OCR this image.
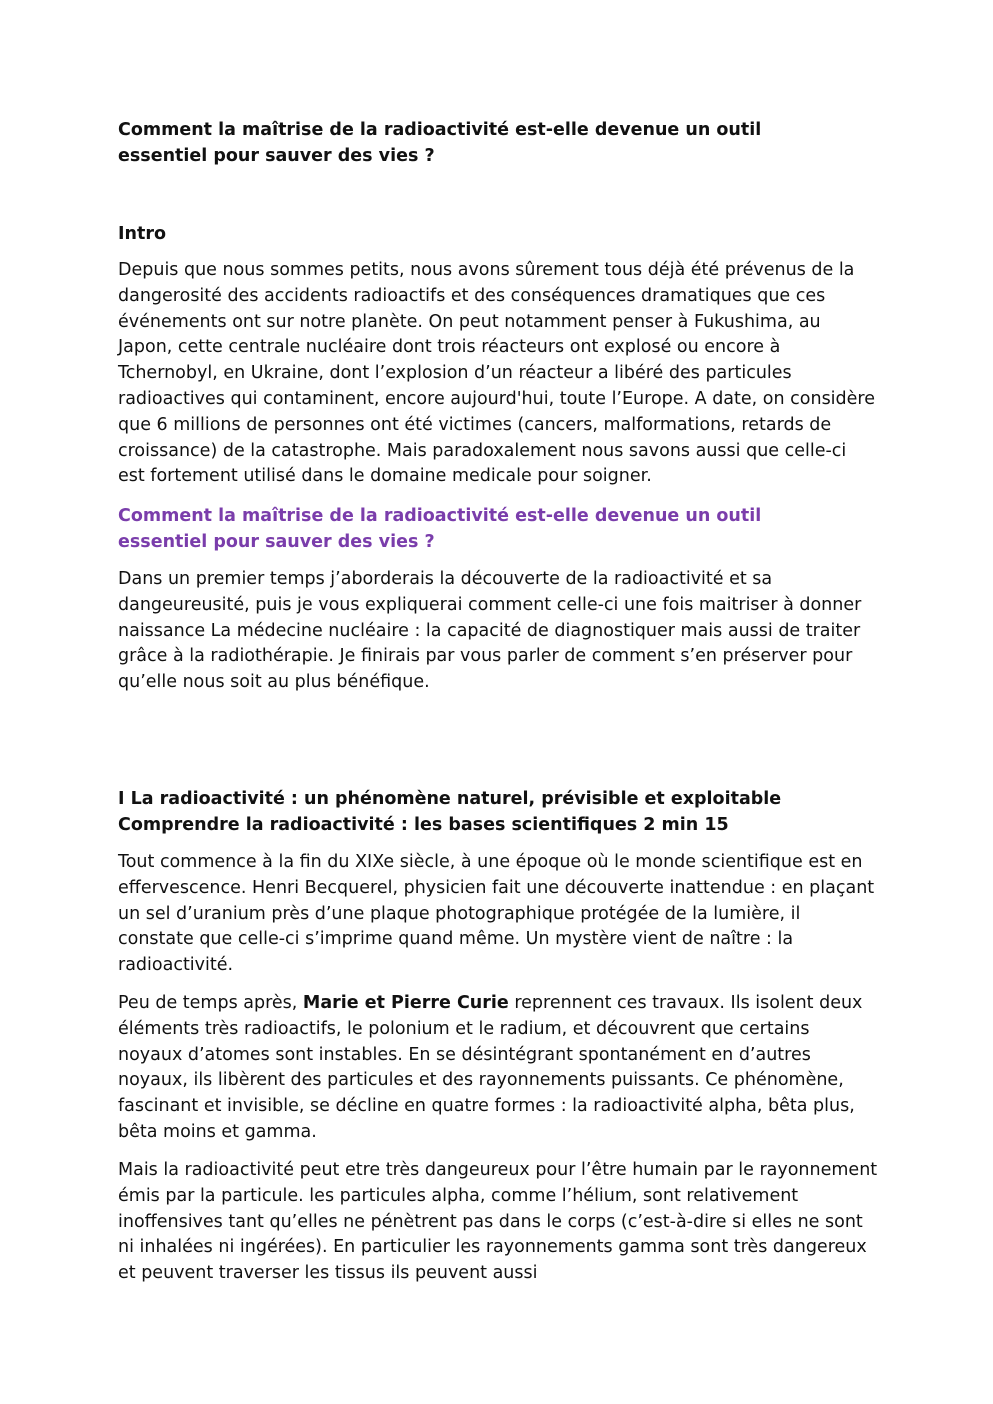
Comment la maîtrise de la radioactivité est-elle devenue un outil
essentiel pour sauver des vies ?
Intro

Depuis que nous sommes petits, nous avons sûrement tous déjà été prévenus de la dangerosité des accidents radioactifs et des conséquences dramatiques que ces événements ont sur notre planète. On peut notamment penser à Fukushima, au Japon, cette centrale nucléaire dont trois réacteurs ont explosé ou encore à Tchernobyl, en Ukraine, dont l’explosion d’un réacteur a libéré des particules radioactives qui contaminent, encore aujourd'hui, toute l’Europe. A date, on considère que 6 millions de personnes ont été victimes (cancers, malformations, retards de croissance) de la catastrophe. Mais paradoxalement nous savons aussi que celle-ci est fortement utilisé dans le domaine medicale pour soigner.

Comment la maîtrise de la radioactivité est-elle devenue un outil
essentiel pour sauver des vies ?

Dans un premier temps j’aborderais la découverte de la radioactivité et sa dangeureusité, puis je vous expliquerai comment celle-ci une fois maitriser à donner naissance La médecine nucléaire : la capacité de diagnostiquer mais aussi de traiter grâce à la radiothérapie. Je finirais par vous parler de comment s’en préserver pour qu’elle nous soit au plus bénéfique.

I La radioactivité : un phénomène naturel, prévisible et exploitable
Comprendre la radioactivité : les bases scientifiques 2 min 15

Tout commence à la fin du XIXe siècle, à une époque où le monde scientifique est en effervescence. Henri Becquerel, physicien fait une découverte inattendue : en plaçant un sel d’uranium près d’une plaque photographique protégée de la lumière, il constate que celle-ci s’imprime quand même. Un mystère vient de naître : la radioactivité.

Peu de temps après, Marie et Pierre Curie reprennent ces travaux. Ils isolent deux éléments très radioactifs, le polonium et le radium, et découvrent que certains noyaux d’atomes sont instables. En se désintégrant spontanément en d’autres noyaux, ils libèrent des particules et des rayonnements puissants. Ce phénomène, fascinant et invisible, se décline en quatre formes : la radioactivité alpha, bêta plus, bêta moins et gamma.

Mais la radioactivité peut etre très dangeureux pour l’être humain par le rayonnement émis par la particule. les particules alpha, comme l’hélium, sont relativement inoffensives tant qu’elles ne pénètrent pas dans le corps (c’est-à-dire si elles ne sont ni inhalées ni ingérées). En particulier les rayonnements gamma sont très dangereux et peuvent traverser les tissus ils peuvent aussi
